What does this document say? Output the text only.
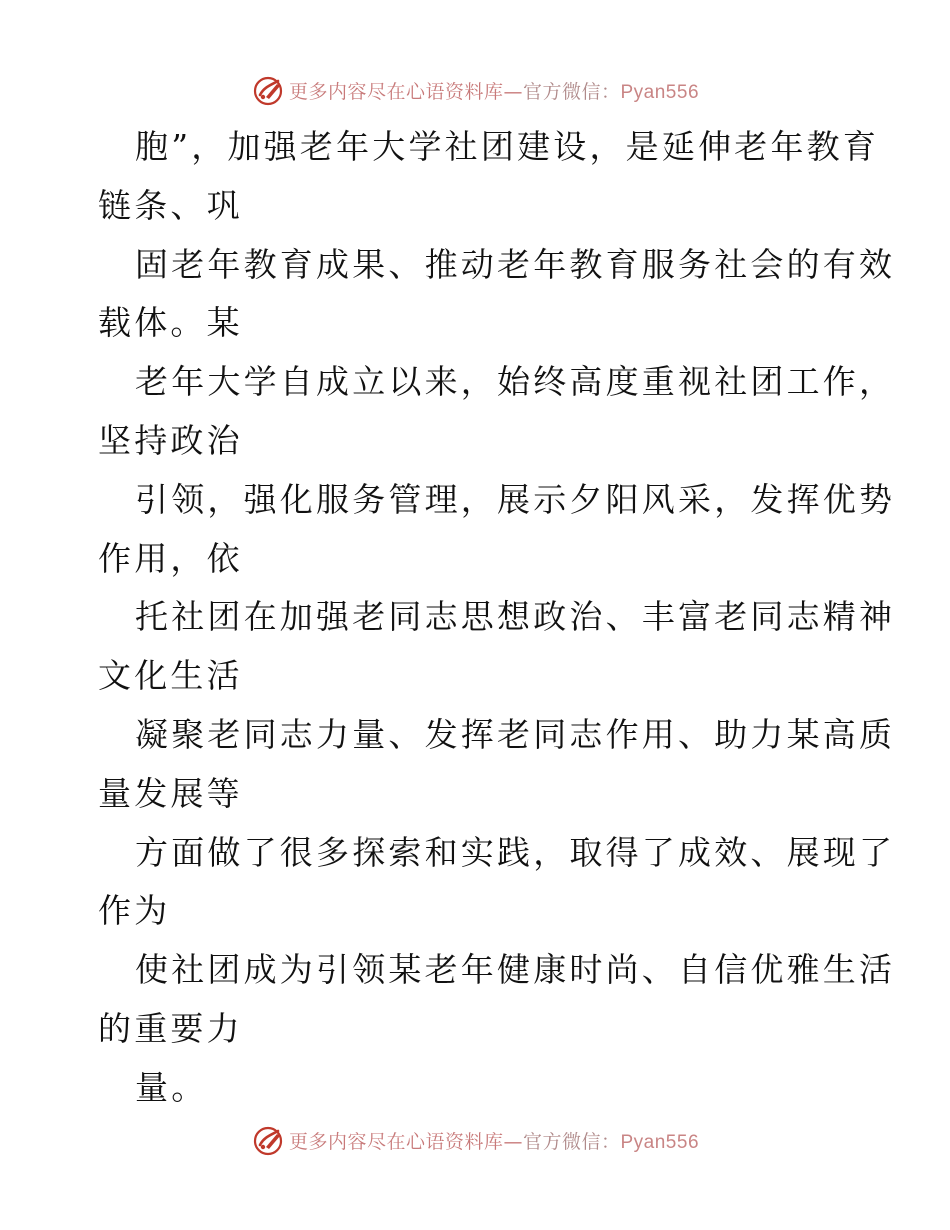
更多内容尽在心语资料库—官方微信：Pyan556
胞”，加强老年大学社团建设，是延伸老年教育
链条、巩
固老年教育成果、推动老年教育服务社会的有效
载体。某
老年大学自成立以来，始终高度重视社团工作，
坚持政治
引领，强化服务管理，展示夕阳风采，发挥优势
作用，依
托社团在加强老同志思想政治、丰富老同志精神
文化生活
凝聚老同志力量、发挥老同志作用、助力某高质
量发展等
方面做了很多探索和实践，取得了成效、展现了
作为
使社团成为引领某老年健康时尚、自信优雅生活
的重要力
量。
更多内容尽在心语资料库—官方微信：Pyan556
